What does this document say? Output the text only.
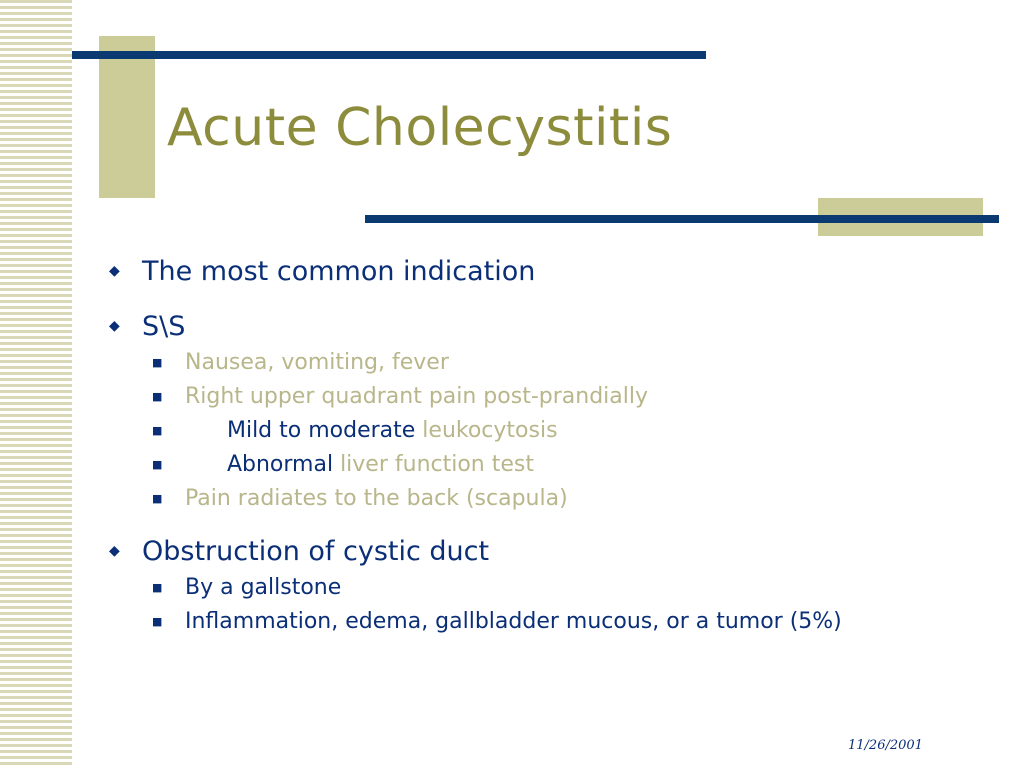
Acute Cholecystitis
◆ The most common indication
◆ S\S
■	Nausea, vomiting, fever
■	Right upper quadrant pain post-prandially
■	Mild to moderate leukocytosis

■	Abnormal liver function test

■	Pain radiates to the back (scapula)
◆ Obstruction of cystic duct
■	By a gallstone
■	Inflammation, edema, gallbladder mucous, or a tumor (5%)
11/26/2001
